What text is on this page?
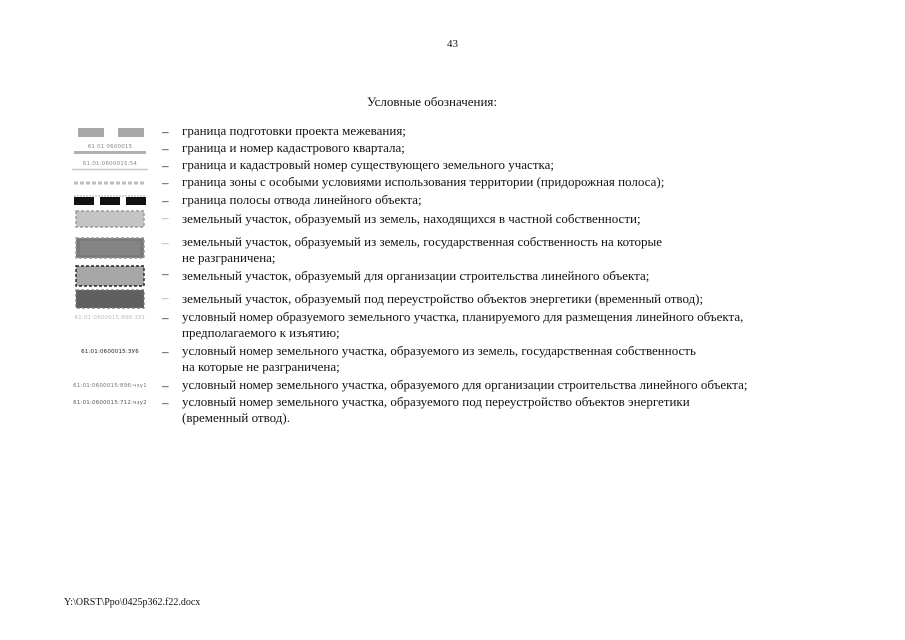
43
Условные обозначения:
– граница подготовки проекта межевания;
61 01 0600015 – граница и номер кадастрового квартала;
61:01:0600015:54 – граница и кадастровый номер существующего земельного участка;
– граница зоны с особыми условиями использования территории (придорожная полоса);
– граница полосы отвода линейного объекта;
– земельный участок, образуемый из земель, находящихся в частной собственности;
– земельный участок, образуемый из земель, государственная собственность на которые
не разграничена;
– земельный участок, образуемый для организации строительства линейного объекта;
– земельный участок, образуемый под переустройство объектов энергетики (временный отвод);
61:01:0600015:896:3У1 – условный номер образуемого земельного участка, планируемого для размещения линейного объекта,
предполагаемого к изъятию;
61:01:0600015:ЗУ6 – условный номер земельного участка, образуемого из земель, государственная собственность
на которые не разграничена;
61:01:0600015:896:чзу1 – условный номер земельного участка, образуемого для организации строительства линейного объекта;
61:01:0600015:712:чзу2 – условный номер земельного участка, образуемого под переустройство объектов энергетики
(временный отвод).
Y:\ORST\Ppo\0425p362.f22.docx
